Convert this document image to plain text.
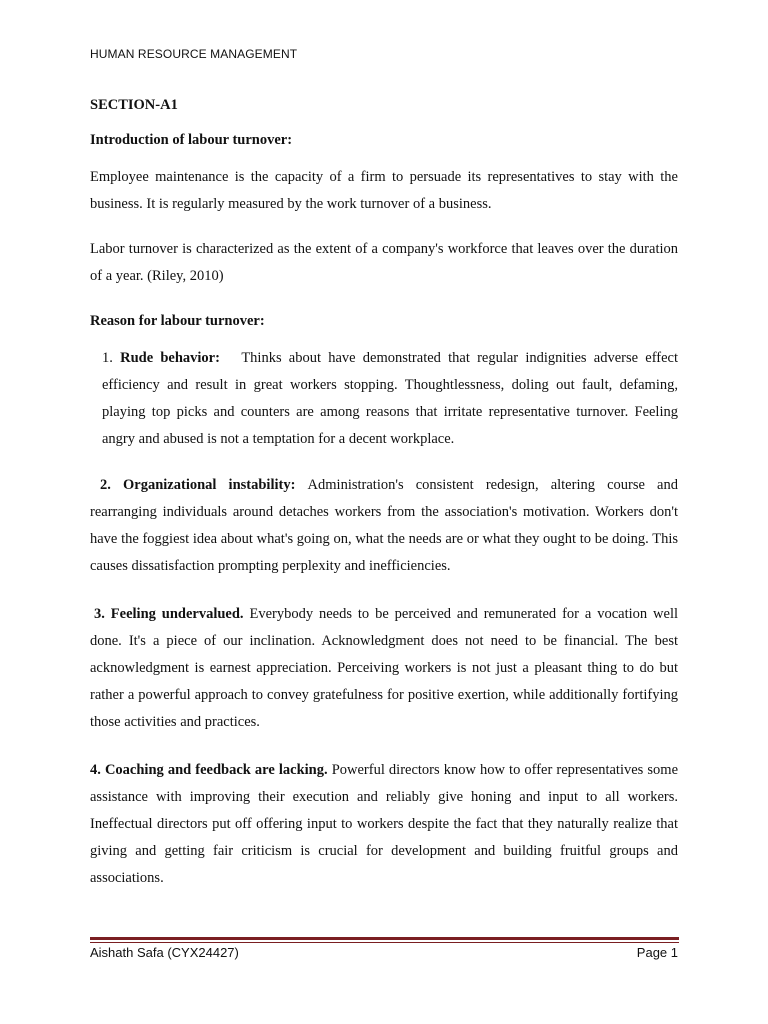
HUMAN RESOURCE MANAGEMENT
SECTION-A1
Introduction of labour turnover:

Employee maintenance is the capacity of a firm to persuade its representatives to stay with the business. It is regularly measured by the work turnover of a business.

Labor turnover is characterized as the extent of a company's workforce that leaves over the duration of a year. (Riley, 2010)

Reason for labour turnover:
1. Rude behavior:   Thinks about have demonstrated that regular indignities adverse effect efficiency and result in great workers stopping. Thoughtlessness, doling out fault, defaming, playing top picks and counters are among reasons that irritate representative turnover. Feeling angry and abused is not a temptation for a decent workplace.
2. Organizational instability: Administration's consistent redesign, altering course and rearranging individuals around detaches workers from the association's motivation. Workers don't have the foggiest idea about what's going on, what the needs are or what they ought to be doing. This causes dissatisfaction prompting perplexity and inefficiencies.
3. Feeling undervalued. Everybody needs to be perceived and remunerated for a vocation well done. It's a piece of our inclination. Acknowledgment does not need to be financial. The best acknowledgment is earnest appreciation. Perceiving workers is not just a pleasant thing to do but rather a powerful approach to convey gratefulness for positive exertion, while additionally fortifying those activities and practices.
4. Coaching and feedback are lacking. Powerful directors know how to offer representatives some assistance with improving their execution and reliably give honing and input to all workers. Ineffectual directors put off offering input to workers despite the fact that they naturally realize that giving and getting fair criticism is crucial for development and building fruitful groups and associations.
Aishath Safa (CYX24427)	Page 1
